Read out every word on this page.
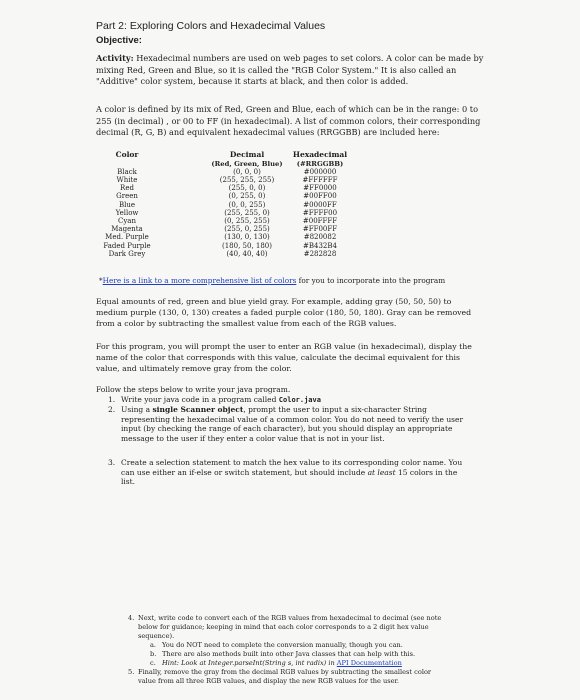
Part 2: Exploring Colors and Hexadecimal Values
Objective:
Activity: Hexadecimal numbers are used on web pages to set colors. A color can be made by mixing Red, Green and Blue, so it is called the "RGB Color System." It is also called an "Additive" color system, because it starts at black, and then color is added.
A color is defined by its mix of Red, Green and Blue, each of which can be in the range: 0 to 255 (in decimal) , or 00 to FF (in hexadecimal). A list of common colors, their corresponding decimal (R, G, B) and equivalent hexadecimal values (RRGGBB) are included here:
Color

Black
White
Red
Green
Blue
Yellow
Cyan
Magenta
Med. Purple
Faded Purple
Dark Grey
Decimal
(Red, Green, Blue)
(0, 0, 0)
(255, 255, 255)
(255, 0, 0)
(0, 255, 0)
(0, 0, 255)
(255, 255, 0)
(0, 255, 255)
(255, 0, 255)
(130, 0, 130)
(180, 50, 180)
(40, 40, 40)
Hexadecimal
(#RRGGBB)
#000000
#FFFFFF
#FF0000
#00FF00
#0000FF
#FFFF00
#00FFFF
#FF00FF
#820082
#B432B4
#282828
*Here is a link to a more comprehensive list of colors for you to incorporate into the program
Equal amounts of red, green and blue yield gray. For example, adding gray (50, 50, 50) to medium purple (130, 0, 130) creates a faded purple color (180, 50, 180). Gray can be removed from a color by subtracting the smallest value from each of the RGB values.
For this program, you will prompt the user to enter an RGB value (in hexadecimal), display the name of the color that corresponds with this value, calculate the decimal equivalent for this value, and ultimately remove gray from the color.
Follow the steps below to write your java program.
1. Write your java code in a program called Color.java
2. Using a single Scanner object, prompt the user to input a six-character String representing the hexadecimal value of a common color. You do not need to verify the user input (by checking the range of each character), but you should display an appropriate message to the user if they enter a color value that is not in your list.
3. Create a selection statement to match the hex value to its corresponding color name. You can use either an if-else or switch statement, but should include at least 15 colors in the list.
4. Next, write code to convert each of the RGB values from hexadecimal to decimal (see note below for guidance; keeping in mind that each color corresponds to a 2 digit hex value sequence).
a. You do NOT need to complete the conversion manually, though you can.
b. There are also methods built into other Java classes that can help with this.
c. Hint: Look at Integer.parseInt(String s, int radix) in API Documentation
5. Finally, remove the gray from the decimal RGB values by subtracting the smallest color value from all three RGB values, and display the new RGB values for the user.
